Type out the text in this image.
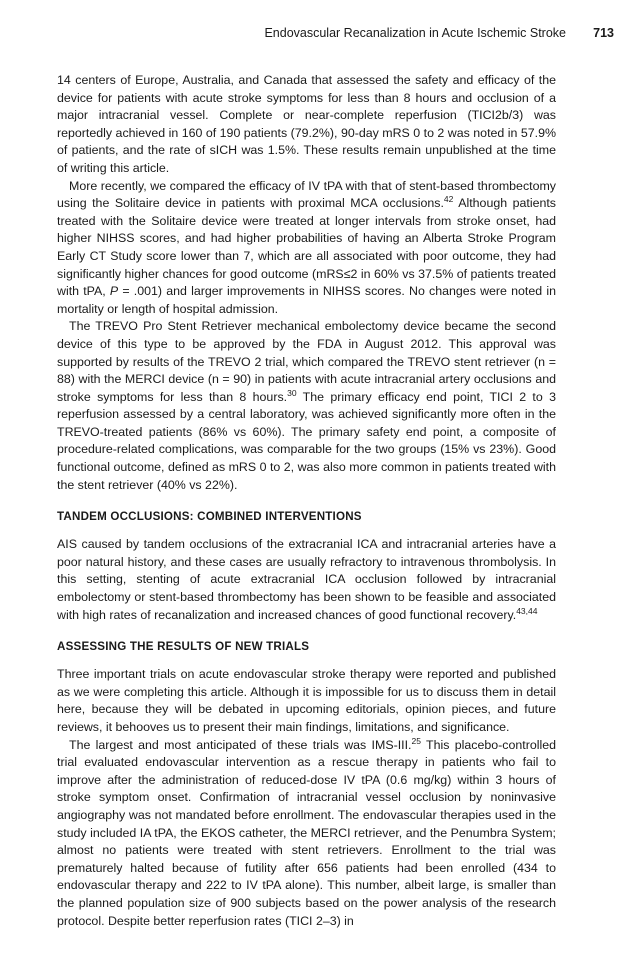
Endovascular Recanalization in Acute Ischemic Stroke 713

14 centers of Europe, Australia, and Canada that assessed the safety and efficacy of the device for patients with acute stroke symptoms for less than 8 hours and occlusion of a major intracranial vessel. Complete or near-complete reperfusion (TICI2b/3) was reportedly achieved in 160 of 190 patients (79.2%), 90-day mRS 0 to 2 was noted in 57.9% of patients, and the rate of sICH was 1.5%. These results remain unpublished at the time of writing this article.

More recently, we compared the efficacy of IV tPA with that of stent-based thrombectomy using the Solitaire device in patients with proximal MCA occlusions.$^{42}$ Although patients treated with the Solitaire device were treated at longer intervals from stroke onset, had higher NIHSS scores, and had higher probabilities of having an Alberta Stroke Program Early CT Study score lower than 7, which are all associated with poor outcome, they had significantly higher chances for good outcome (mRS≤2 in 60% vs 37.5% of patients treated with tPA, P = .001) and larger improvements in NIHSS scores. No changes were noted in mortality or length of hospital admission.

The TREVO Pro Stent Retriever mechanical embolectomy device became the second device of this type to be approved by the FDA in August 2012. This approval was supported by results of the TREVO 2 trial, which compared the TREVO stent retriever (n = 88) with the MERCI device (n = 90) in patients with acute intracranial artery occlusions and stroke symptoms for less than 8 hours.$^{30}$ The primary efficacy end point, TICI 2 to 3 reperfusion assessed by a central laboratory, was achieved significantly more often in the TREVO-treated patients (86% vs 60%). The primary safety end point, a composite of procedure-related complications, was comparable for the two groups (15% vs 23%). Good functional outcome, defined as mRS 0 to 2, was also more common in patients treated with the stent retriever (40% vs 22%).

TANDEM OCCLUSIONS: COMBINED INTERVENTIONS

AIS caused by tandem occlusions of the extracranial ICA and intracranial arteries have a poor natural history, and these cases are usually refractory to intravenous thrombolysis. In this setting, stenting of acute extracranial ICA occlusion followed by intracranial embolectomy or stent-based thrombectomy has been shown to be feasible and associated with high rates of recanalization and increased chances of good functional recovery.$^{43,44}$

ASSESSING THE RESULTS OF NEW TRIALS

Three important trials on acute endovascular stroke therapy were reported and published as we were completing this article. Although it is impossible for us to discuss them in detail here, because they will be debated in upcoming editorials, opinion pieces, and future reviews, it behooves us to present their main findings, limitations, and significance.

The largest and most anticipated of these trials was IMS-III.$^{25}$ This placebo-controlled trial evaluated endovascular intervention as a rescue therapy in patients who fail to improve after the administration of reduced-dose IV tPA (0.6 mg/kg) within 3 hours of stroke symptom onset. Confirmation of intracranial vessel occlusion by noninvasive angiography was not mandated before enrollment. The endovascular therapies used in the study included IA tPA, the EKOS catheter, the MERCI retriever, and the Penumbra System; almost no patients were treated with stent retrievers. Enrollment to the trial was prematurely halted because of futility after 656 patients had been enrolled (434 to endovascular therapy and 222 to IV tPA alone). This number, albeit large, is smaller than the planned population size of 900 subjects based on the power analysis of the research protocol. Despite better reperfusion rates (TICI 2–3) in
